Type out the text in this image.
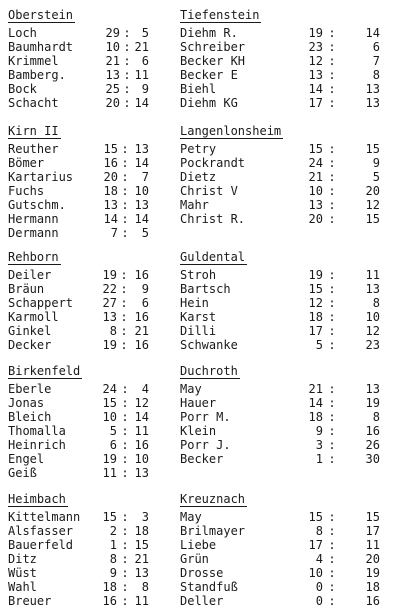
Oberstein
Loch	29 : 5
Baumhardt	10 : 21
Krimmel	21 : 6
Bamberg.	13 : 11
Bock	25 : 9
Schacht	20 : 14
Tiefenstein
Diehm R.	19 : 14
Schreiber	23 :	6
Becker KH	12 :	7
Becker E	13 :	8
Biehl	14 : 13
Diehm KG	17 : 13
Kirn II
Reuther	15 : 13
Bömer	16 : 14
Kartarius	20 : 7
Fuchs	18 : 10
Gutschm.	13 : 13
Hermann	14 : 14
Dermann	7 : 5
Langenlonsheim
Petry	15 : 15
Pockrandt	24 :	9
Dietz	21 :	5
Christ V	10 : 20
Mahr	13 : 12
Christ R.	20 : 15
Rehborn
Deiler	19 : 16
Bräun	22 : 9
Schappert 27 : 6
Karmoll	13 : 16
Ginkel	8 : 21
Decker	19 : 16
Guldental
Stroh	19 : 11
Bartsch	15 : 13
Hein	12 :	8
Karst	18 : 10
Dilli	17 : 12
Schwanke	5 : 23
Birkenfeld
Eberle	24 : 4
Jonas	15 : 12
Bleich	10 : 14
Thomalla	5 : 11
Heinrich	6 : 16
Engel	19 : 10
Geiß	11 : 13
Duchroth
May	21 : 13
Hauer	14 : 19
Porr M.	18 :	8
Klein	9 : 16
Porr J.	3 : 26
Becker	1 : 30
Heimbach
Kittelmann 15 : 3
Alsfasser	2 : 18
Bauerfeld	1 : 15
Ditz	8 : 21
Wüst	9 : 13
Wahl	18 : 8
Breuer	16 : 11
Kreuznach
May	15 : 15
Brilmayer	8 : 17
Liebe	17 : 11
Grün	4 : 20
Drosse	10 : 19
Standfuß	0 : 18
Deller	0 : 16
